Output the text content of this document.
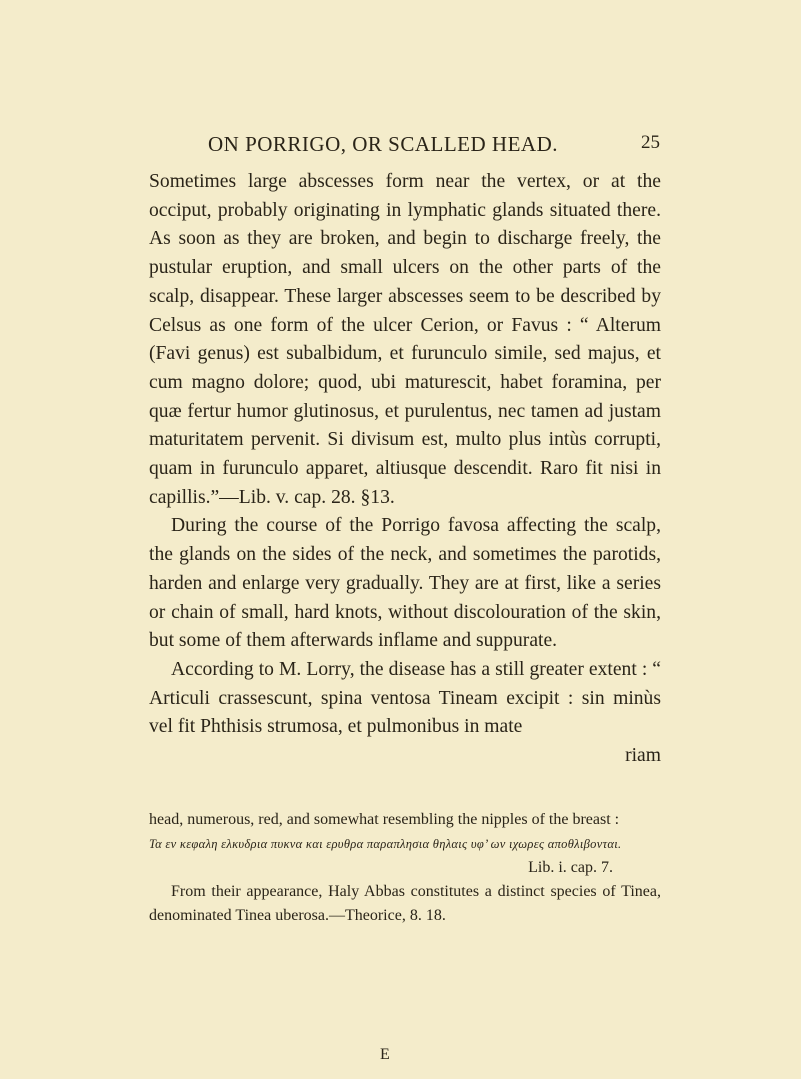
ON PORRIGO, OR SCALLED HEAD.	25

Sometimes large abscesses form near the vertex, or at the occiput, probably originating in lymphatic glands situated there. As soon as they are broken, and begin to discharge freely, the pustular eruption, and small ulcers on the other parts of the scalp, disappear. These larger abscesses seem to be described by Celsus as one form of the ulcer Cerion, or Favus : “ Alterum (Favi genus) est subalbidum, et furunculo simile, sed majus, et cum magno dolore; quod, ubi maturescit, habet foramina, per quæ fertur humor glutinosus, et purulentus, nec tamen ad justam maturitatem pervenit. Si divisum est, multo plus intùs corrupti, quam in furunculo apparet, altiusque descendit. Raro fit nisi in capillis.”—Lib. v. cap. 28. §13.

During the course of the Porrigo favosa affecting the scalp, the glands on the sides of the neck, and sometimes the parotids, harden and enlarge very gradually. They are at first, like a series or chain of small, hard knots, without discolouration of the skin, but some of them afterwards inflame and suppurate.

According to M. Lorry, the disease has a still greater extent : “ Articuli crassescunt, spina ventosa Tineam excipit : sin minùs vel fit Phthisis strumosa, et pulmonibus in mate

riam

head, numerous, red, and somewhat resembling the nipples of the breast :

Τα εν κεφαλη ελκυδρια πυκνα και ερυθρα παραπλησια θηλαις υφ’ ων ιχωρες αποθλιβονται.

Lib. i. cap. 7.

From their appearance, Haly Abbas constitutes a distinct species of Tinea, denominated Tinea uberosa.—Theorice, 8. 18.

E
